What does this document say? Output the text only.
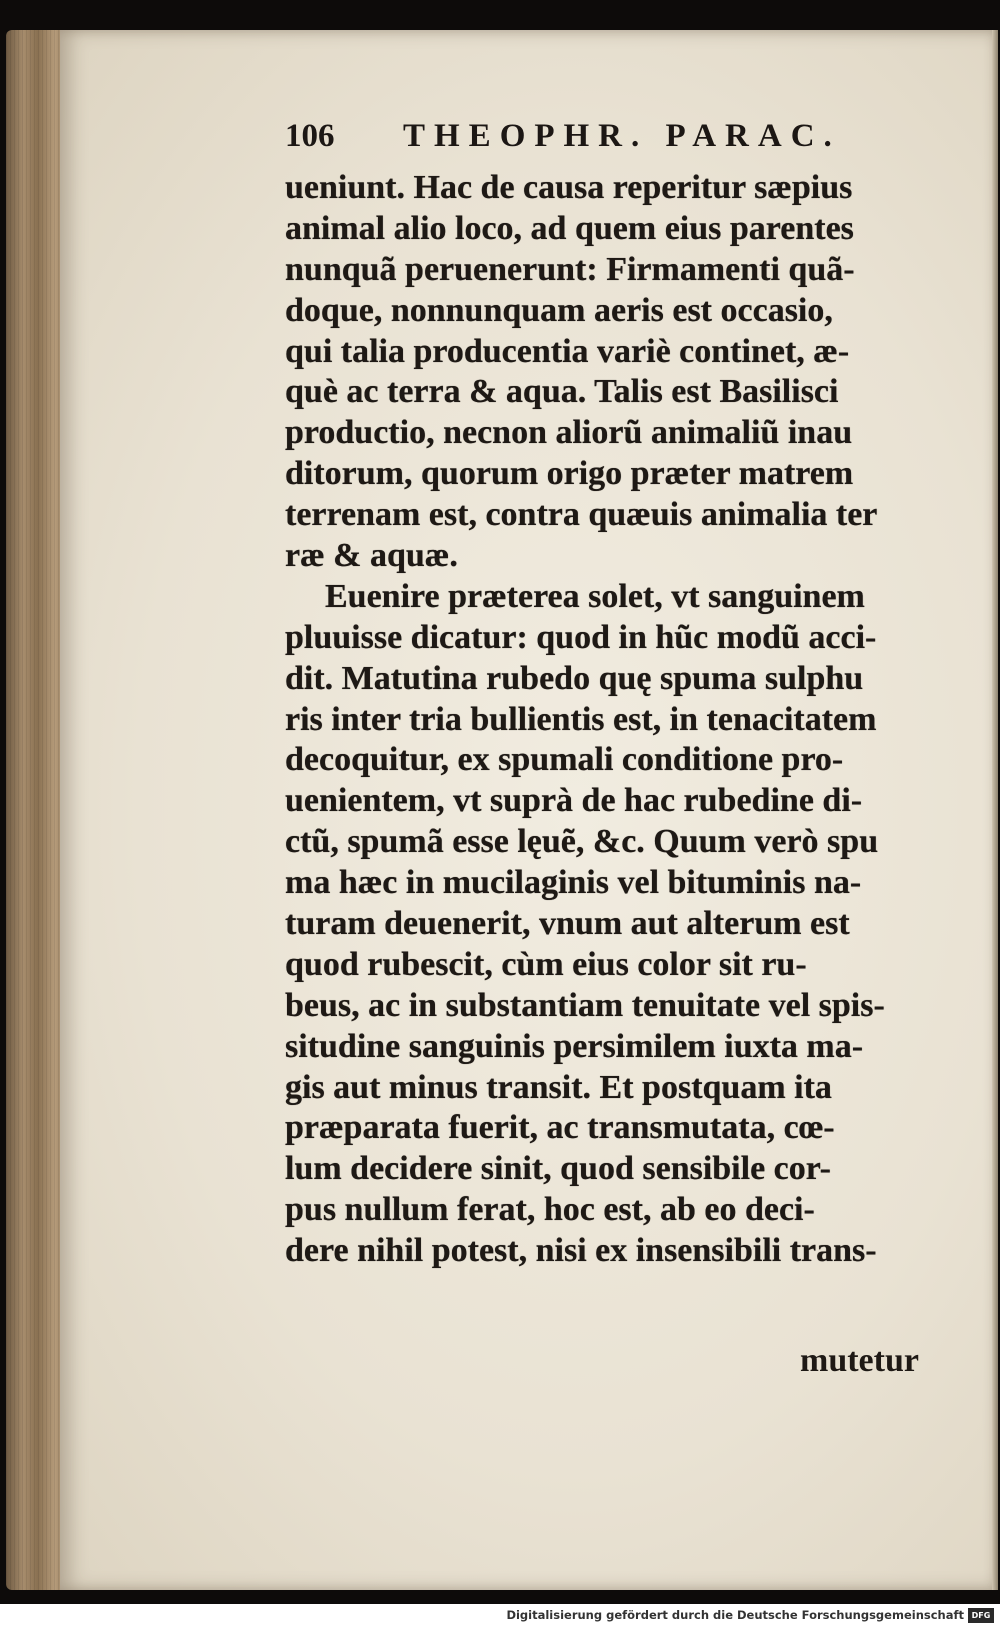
106 THEOPHR. PARAC.
ueniunt. Hac de causa reperitur sæpius
animal alio loco, ad quem eius parentes
nunquã peruenerunt: Firmamenti quã-
doque, nonnunquam aeris est occasio,
qui talia producentia variè continet, æ-
què ac terra & aqua. Talis est Basilisci
productio, necnon aliorũ animaliũ inau
ditorum, quorum origo præter matrem
terrenam est, contra quæuis animalia ter
ræ & aquæ.
Euenire præterea solet, vt sanguinem
pluuisse dicatur: quod in hũc modũ acci-
dit. Matutina rubedo quę spuma sulphu
ris inter tria bullientis est, in tenacitatem
decoquitur, ex spumali conditione pro-
uenientem, vt suprà de hac rubedine di-
ctũ, spumã esse lęuẽ, &c. Quum verò spu
ma hæc in mucilaginis vel bituminis na-
turam deuenerit, vnum aut alterum est
quod rubescit, cùm eius color sit ru-
beus, ac in substantiam tenuitate vel spis-
situdine sanguinis persimilem iuxta ma-
gis aut minus transit. Et postquam ita
præparata fuerit, ac transmutata, cœ-
lum decidere sinit, quod sensibile cor-
pus nullum ferat, hoc est, ab eo deci-
dere nihil potest, nisi ex insensibili trans-
mutetur
Digitalisierung gefördert durch die Deutsche Forschungsgemeinschaft DFG
